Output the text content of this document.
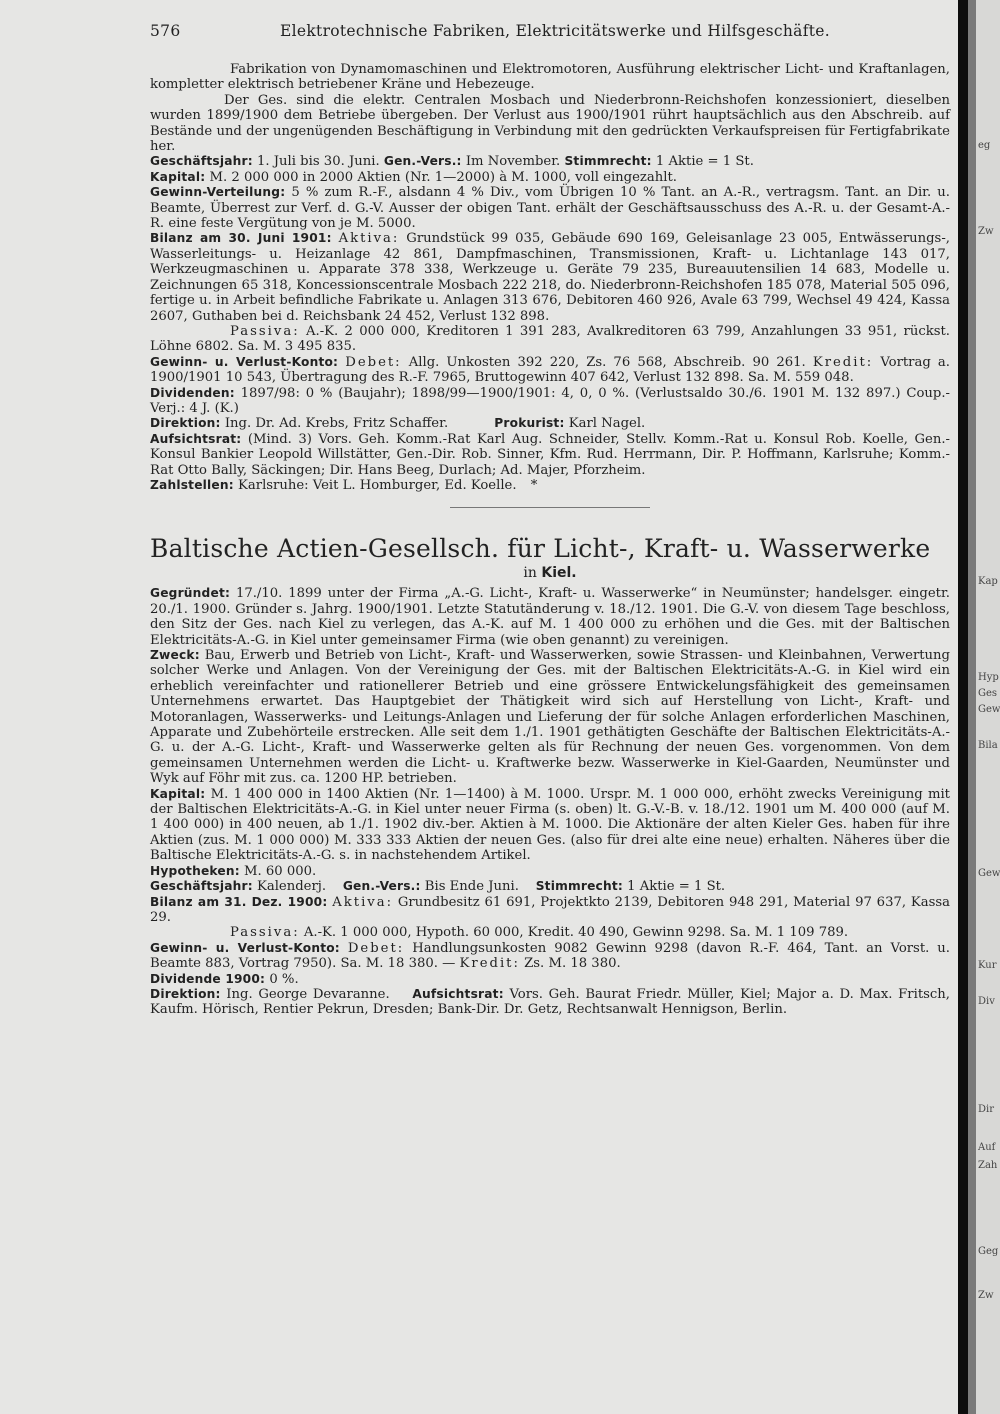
576	Elektrotechnische Fabriken, Elektricitätswerke und Hilfsgeschäfte.

Fabrikation von Dynamomaschinen und Elektromotoren, Ausführung elektrischer Licht- und Kraftanlagen, kompletter elektrisch betriebener Kräne und Hebezeuge.

Der Ges. sind die elektr. Centralen Mosbach und Niederbronn-Reichshofen konzessioniert, dieselben wurden 1899/1900 dem Betriebe übergeben. Der Verlust aus 1900/1901 rührt hauptsächlich aus den Abschreib. auf Bestände und der ungenügenden Beschäftigung in Verbindung mit den gedrückten Verkaufspreisen für Fertigfabrikate her.

Geschäftsjahr: 1. Juli bis 30. Juni. Gen.-Vers.: Im November. Stimmrecht: 1 Aktie = 1 St.

Kapital: M. 2 000 000 in 2000 Aktien (Nr. 1—2000) à M. 1000, voll eingezahlt.

Gewinn-Verteilung: 5 % zum R.-F., alsdann 4 % Div., vom Übrigen 10 % Tant. an A.-R., vertragsm. Tant. an Dir. u. Beamte, Überrest zur Verf. d. G.-V. Ausser der obigen Tant. erhält der Geschäftsausschuss des A.-R. u. der Gesamt-A.-R. eine feste Vergütung von je M. 5000.

Bilanz am 30. Juni 1901: Aktiva: Grundstück 99 035, Gebäude 690 169, Geleisanlage 23 005, Entwässerungs-, Wasserleitungs- u. Heizanlage 42 861, Dampfmaschinen, Transmissionen, Kraft- u. Lichtanlage 143 017, Werkzeugmaschinen u. Apparate 378 338, Werkzeuge u. Geräte 79 235, Bureauutensilien 14 683, Modelle u. Zeichnungen 65 318, Koncessionscentrale Mosbach 222 218, do. Niederbronn-Reichshofen 185 078, Material 505 096, fertige u. in Arbeit befindliche Fabrikate u. Anlagen 313 676, Debitoren 460 926, Avale 63 799, Wechsel 49 424, Kassa 2607, Guthaben bei d. Reichsbank 24 452, Verlust 132 898.

Passiva: A.-K. 2 000 000, Kreditoren 1 391 283, Avalkreditoren 63 799, Anzahlungen 33 951, rückst. Löhne 6802. Sa. M. 3 495 835.

Gewinn- u. Verlust-Konto: Debet: Allg. Unkosten 392 220, Zs. 76 568, Abschreib. 90 261. Kredit: Vortrag a. 1900/1901 10 543, Übertragung des R.-F. 7965, Bruttogewinn 407 642, Verlust 132 898. Sa. M. 559 048.

Dividenden: 1897/98: 0 % (Baujahr); 1898/99—1900/1901: 4, 0, 0 %. (Verlustsaldo 30./6. 1901 M. 132 897.) Coup.-Verj.: 4 J. (K.)

Direktion: Ing. Dr. Ad. Krebs, Fritz Schaffer.	Prokurist: Karl Nagel.

Aufsichtsrat: (Mind. 3) Vors. Geh. Komm.-Rat Karl Aug. Schneider, Stellv. Komm.-Rat u. Konsul Rob. Koelle, Gen.-Konsul Bankier Leopold Willstätter, Gen.-Dir. Rob. Sinner, Kfm. Rud. Herrmann, Dir. P. Hoffmann, Karlsruhe; Komm.-Rat Otto Bally, Säckingen; Dir. Hans Beeg, Durlach; Ad. Majer, Pforzheim.

Zahlstellen: Karlsruhe: Veit L. Homburger, Ed. Koelle. *

Baltische Actien-Gesellsch. für Licht-, Kraft- u. Wasserwerke
in Kiel.

Gegründet: 17./10. 1899 unter der Firma „A.-G. Licht-, Kraft- u. Wasserwerke“ in Neumünster; handelsger. eingetr. 20./1. 1900. Gründer s. Jahrg. 1900/1901. Letzte Statutänderung v. 18./12. 1901. Die G.-V. von diesem Tage beschloss, den Sitz der Ges. nach Kiel zu verlegen, das A.-K. auf M. 1 400 000 zu erhöhen und die Ges. mit der Baltischen Elektricitäts-A.-G. in Kiel unter gemeinsamer Firma (wie oben genannt) zu vereinigen.

Zweck: Bau, Erwerb und Betrieb von Licht-, Kraft- und Wasserwerken, sowie Strassen- und Kleinbahnen, Verwertung solcher Werke und Anlagen. Von der Vereinigung der Ges. mit der Baltischen Elektricitäts-A.-G. in Kiel wird ein erheblich vereinfachter und rationellerer Betrieb und eine grössere Entwickelungsfähigkeit des gemeinsamen Unternehmens erwartet. Das Hauptgebiet der Thätigkeit wird sich auf Herstellung von Licht-, Kraft- und Motoranlagen, Wasserwerks- und Leitungs-Anlagen und Lieferung der für solche Anlagen erforderlichen Maschinen, Apparate und Zubehörteile erstrecken. Alle seit dem 1./1. 1901 gethätigten Geschäfte der Baltischen Elektricitäts-A.-G. u. der A.-G. Licht-, Kraft- und Wasserwerke gelten als für Rechnung der neuen Ges. vorgenommen. Von dem gemeinsamen Unternehmen werden die Licht- u. Kraftwerke bezw. Wasserwerke in Kiel-Gaarden, Neumünster und Wyk auf Föhr mit zus. ca. 1200 HP. betrieben.

Kapital: M. 1 400 000 in 1400 Aktien (Nr. 1—1400) à M. 1000. Urspr. M. 1 000 000, erhöht zwecks Vereinigung mit der Baltischen Elektricitäts-A.-G. in Kiel unter neuer Firma (s. oben) lt. G.-V.-B. v. 18./12. 1901 um M. 400 000 (auf M. 1 400 000) in 400 neuen, ab 1./1. 1902 div.-ber. Aktien à M. 1000. Die Aktionäre der alten Kieler Ges. haben für ihre Aktien (zus. M. 1 000 000) M. 333 333 Aktien der neuen Ges. (also für drei alte eine neue) erhalten. Näheres über die Baltische Elektricitäts-A.-G. s. in nachstehendem Artikel.

Hypotheken: M. 60 000.

Geschäftsjahr: Kalenderj. Gen.-Vers.: Bis Ende Juni. Stimmrecht: 1 Aktie = 1 St.

Bilanz am 31. Dez. 1900: Aktiva: Grundbesitz 61 691, Projektkto 2139, Debitoren 948 291, Material 97 637, Kassa 29.

Passiva: A.-K. 1 000 000, Hypoth. 60 000, Kredit. 40 490, Gewinn 9298. Sa. M. 1 109 789.

Gewinn- u. Verlust-Konto: Debet: Handlungsunkosten 9082 Gewinn 9298 (davon R.-F. 464, Tant. an Vorst. u. Beamte 883, Vortrag 7950). Sa. M. 18 380. — Kredit: Zs. M. 18 380.

Dividende 1900: 0 %.

Direktion: Ing. George Devaranne. Aufsichtsrat: Vors. Geh. Baurat Friedr. Müller, Kiel; Major a. D. Max. Fritsch, Kaufm. Hörisch, Rentier Pekrun, Dresden; Bank-Dir. Dr. Getz, Rechtsanwalt Hennigson, Berlin.

eg
Zw
Kap
Hyp
Ges
Gew
Bila
Gew
Kur
Div
Dir
Auf
Zah
Geg
Zw
